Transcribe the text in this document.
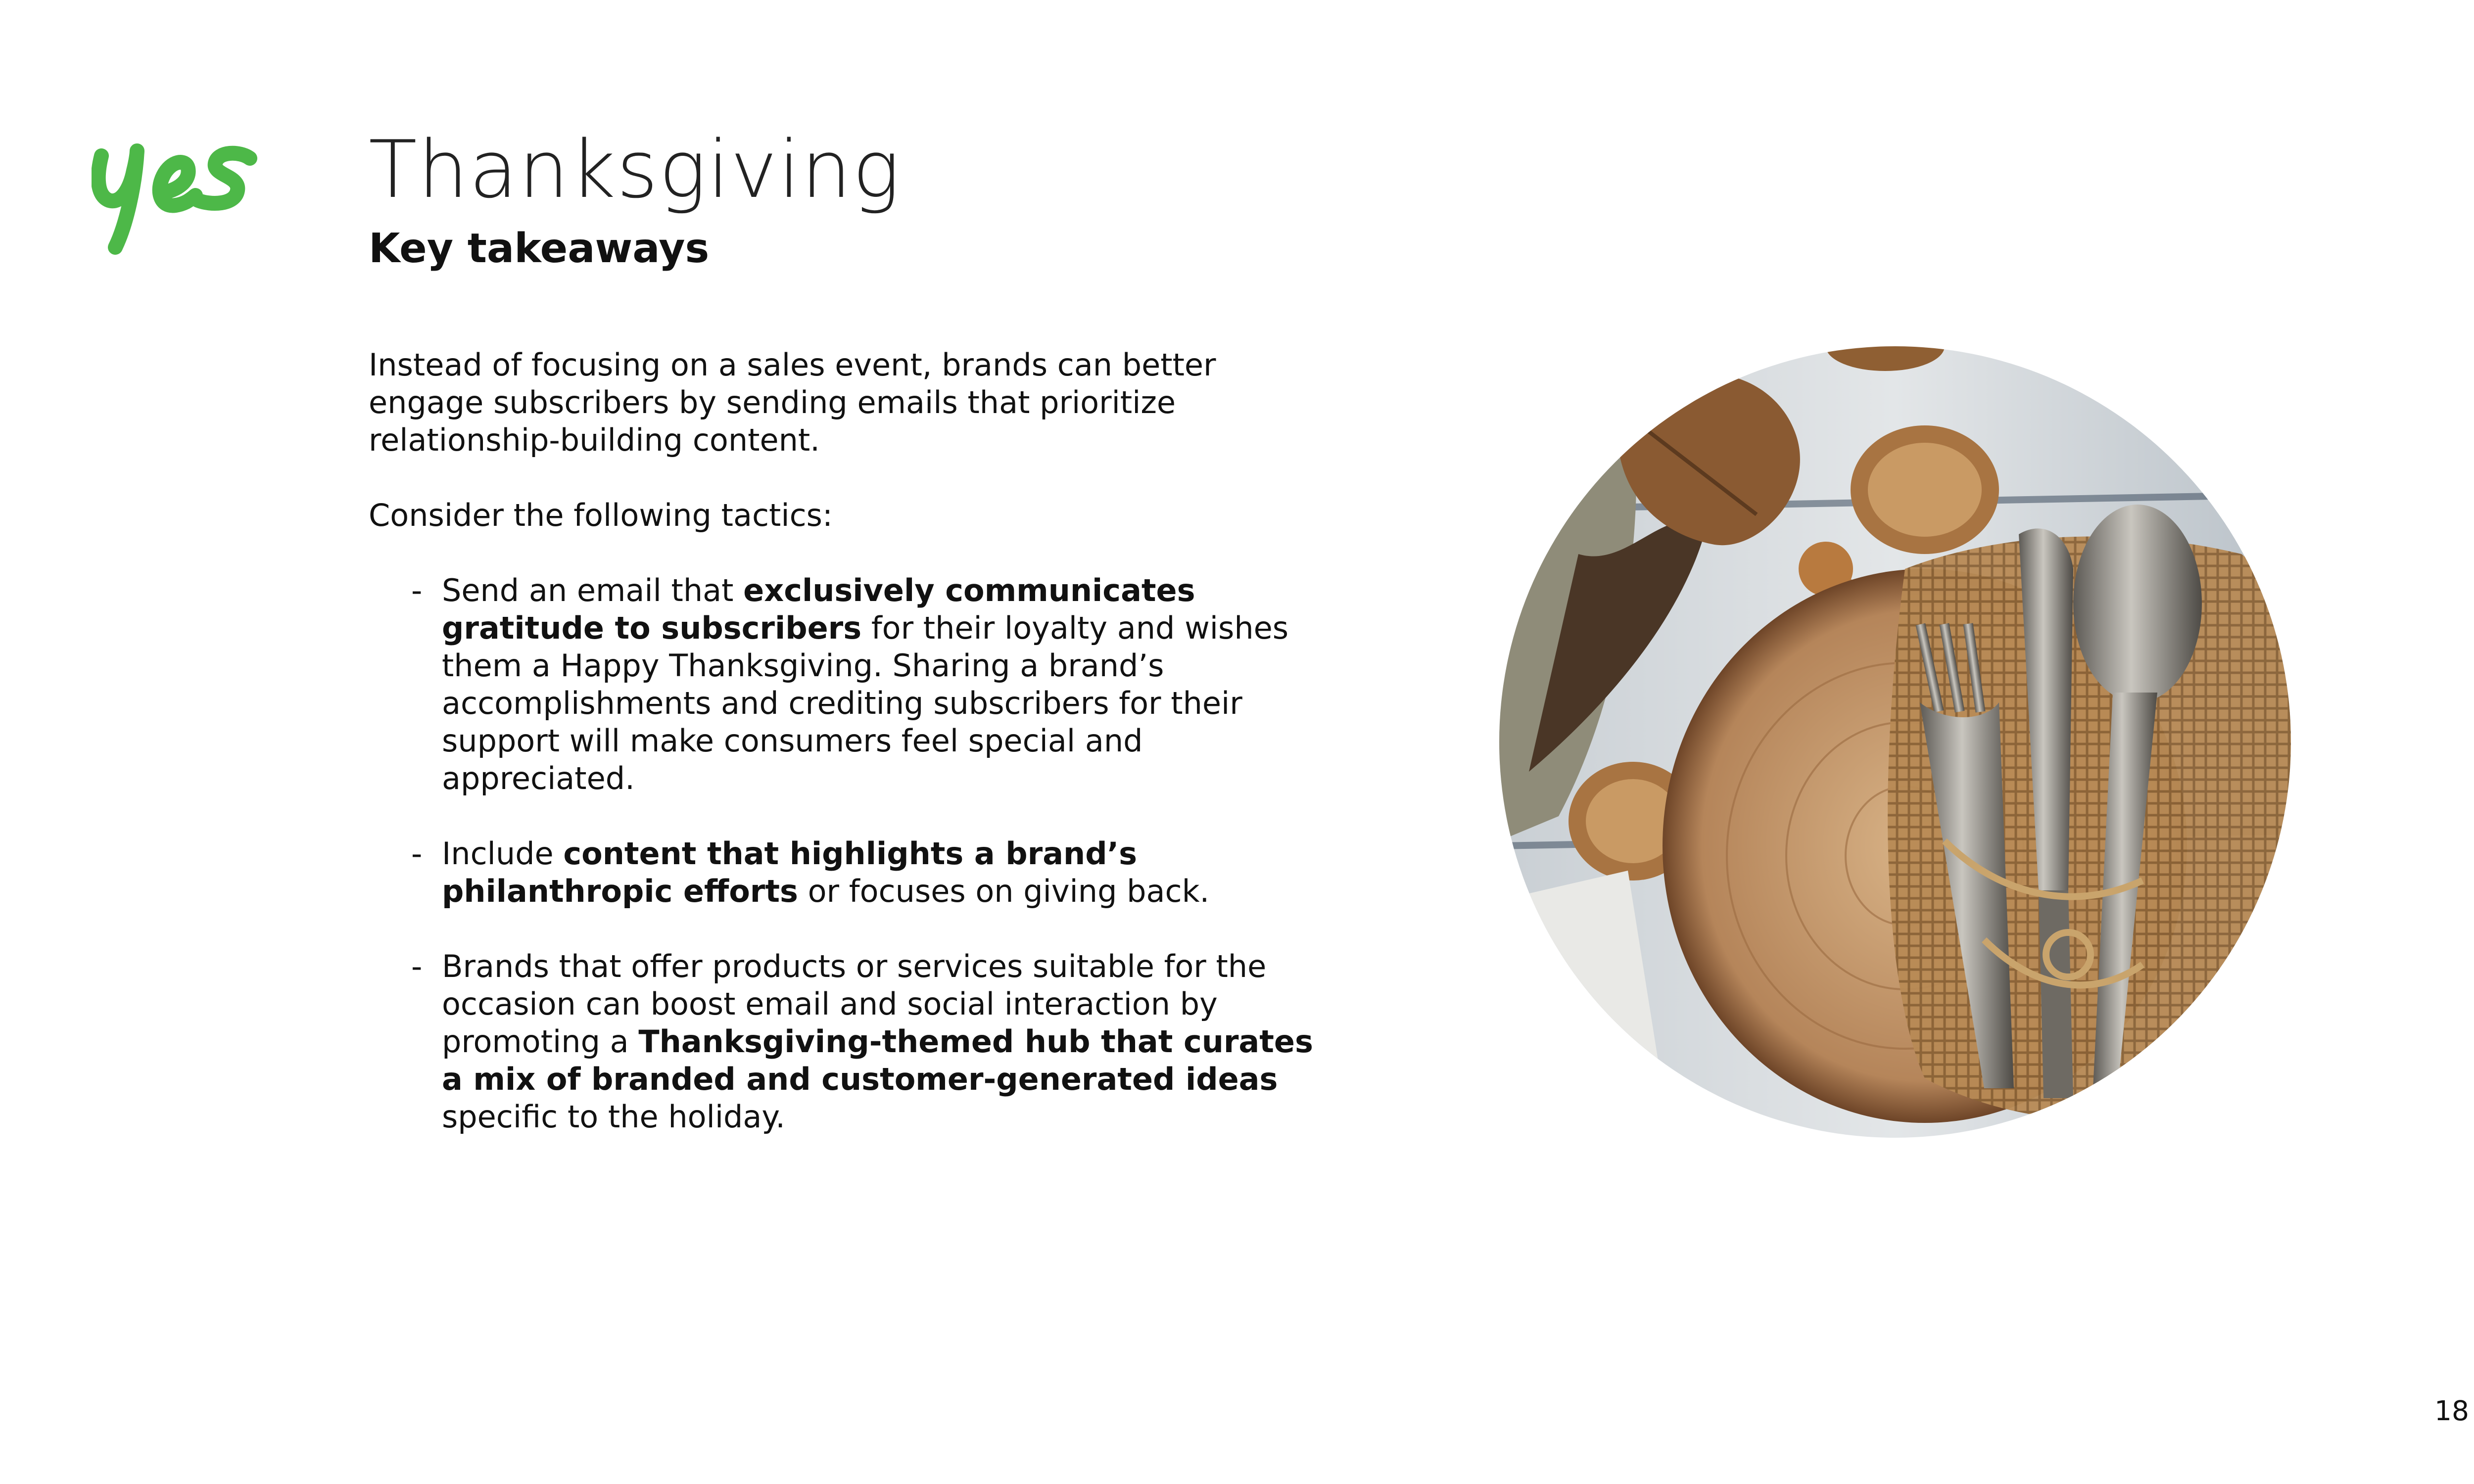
Thanksgiving
Key takeaways

Instead of focusing on a sales event, brands can better engage subscribers by sending emails that prioritize relationship-building content.

Consider the following tactics:

- Send an email that exclusively communicates gratitude to subscribers for their loyalty and wishes them a Happy Thanksgiving. Sharing a brand’s accomplishments and crediting subscribers for their support will make consumers feel special and appreciated.
- Include content that highlights a brand’s philanthropic efforts or focuses on giving back.
- Brands that offer products or services suitable for the occasion can boost email and social interaction by promoting a Thanksgiving-themed hub that curates a mix of branded and customer-generated ideas specific to the holiday.
18
